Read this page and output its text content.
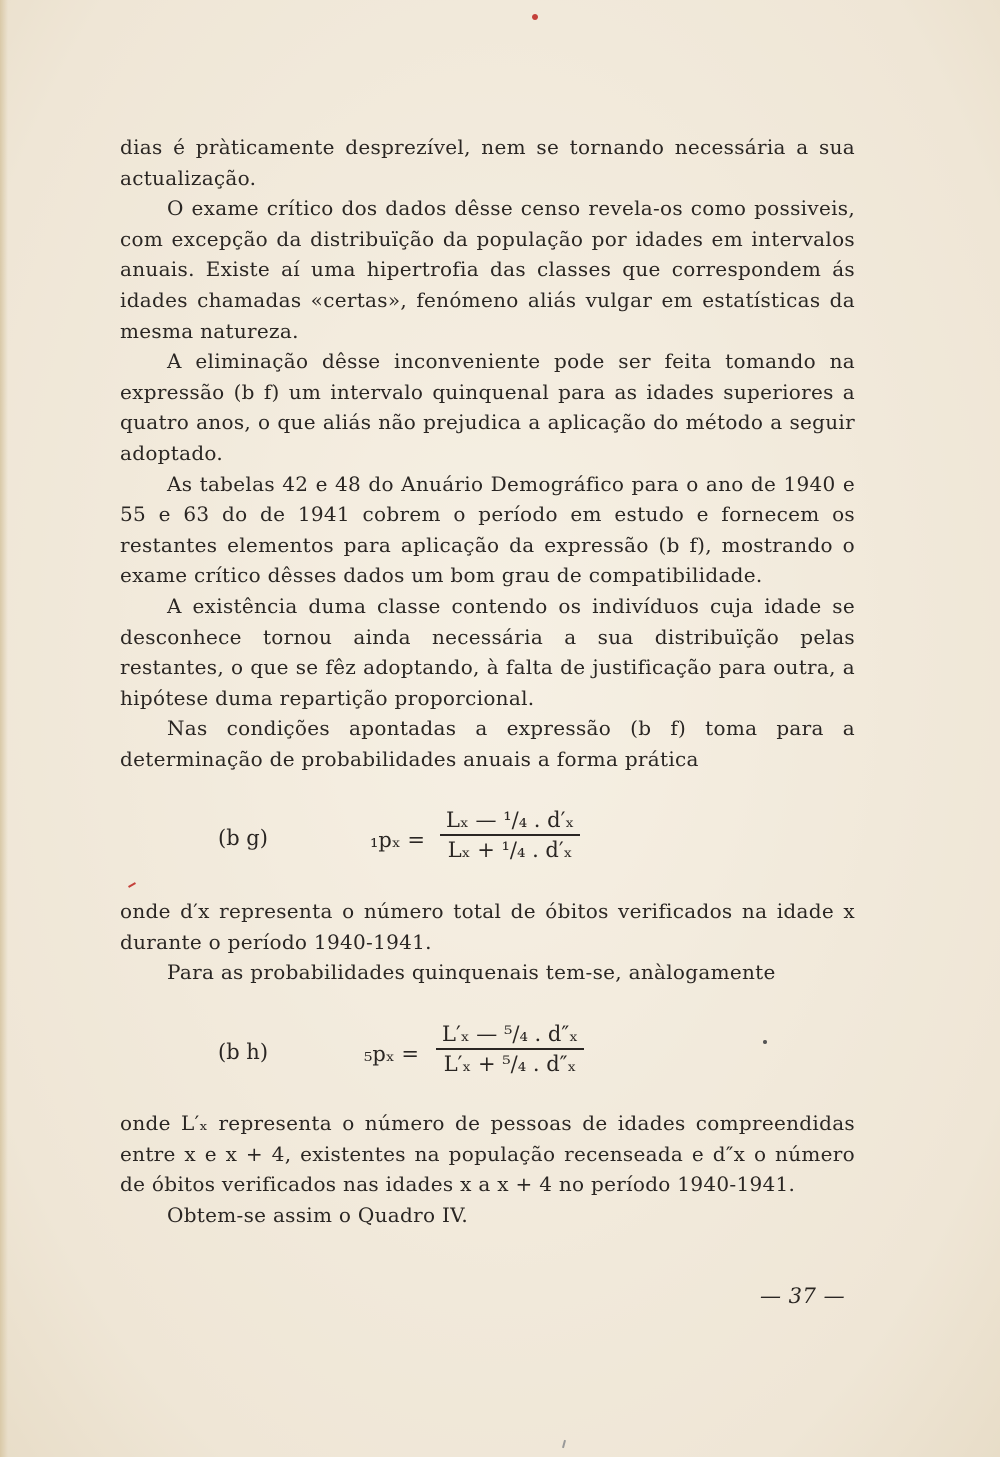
dias é pràticamente desprezível, nem se tornando necessária a sua actualização.

O exame crítico dos dados dêsse censo revela-os como possiveis, com excepção da distribuïção da população por idades em intervalos anuais. Existe aí uma hipertrofia das classes que correspondem ás idades chamadas «certas», fenómeno aliás vulgar em estatísticas da mesma natureza.

A eliminação dêsse inconveniente pode ser feita tomando na expressão (b f) um intervalo quinquenal para as idades superiores a quatro anos, o que aliás não prejudica a aplicação do método a seguir adoptado.

As tabelas 42 e 48 do Anuário Demográfico para o ano de 1940 e 55 e 63 do de 1941 cobrem o período em estudo e fornecem os restantes elementos para aplicação da expressão (b f), mostrando o exame crítico dêsses dados um bom grau de compatibilidade.

A existência duma classe contendo os indivíduos cuja idade se desconhece tornou ainda necessária a sua distribuïção pelas restantes, o que se fêz adoptando, à falta de justificação para outra, a hipótese duma repartição proporcional.

Nas condições apontadas a expressão (b f) toma para a determinação de probabilidades anuais a forma prática

(b g)	₁pₓ =
Lₓ — ¹/₄ . d′ₓ
Lₓ + ¹/₄ . d′ₓ

onde d′x representa o número total de óbitos verificados na idade x durante o período 1940-1941.

Para as probabilidades quinquenais tem-se, anàlogamente

(b h)	₅pₓ =
L′ₓ — ⁵/₄ . d″ₓ
L′ₓ + ⁵/₄ . d″ₓ

onde L′ₓ representa o número de pessoas de idades compreendidas entre x e x + 4, existentes na população recenseada e d″x o número de óbitos verificados nas idades x a x + 4 no período 1940-1941.

Obtem-se assim o Quadro IV.

— 37 —
